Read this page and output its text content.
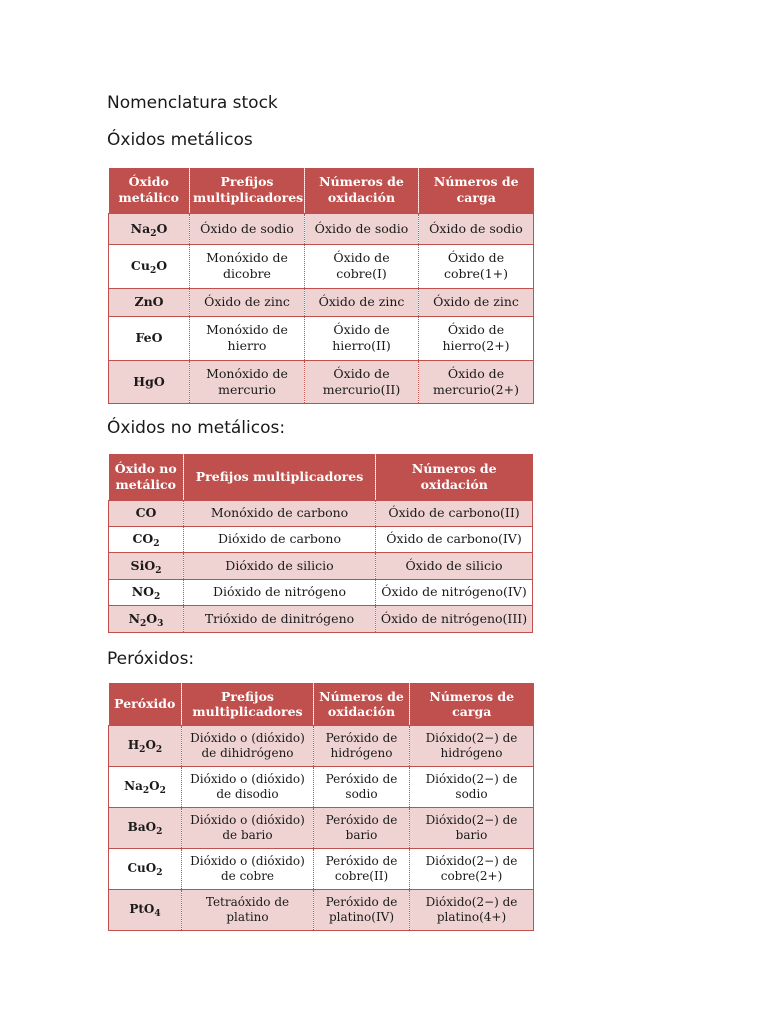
Nomenclatura stock
Óxidos metálicos
Óxido metálico	Prefijos multiplicadores	Números de oxidación	Números de carga
$Na_2O$	Óxido de sodio	Óxido de sodio	Óxido de sodio
$Cu_2O$	Monóxido de dicobre	Óxido de cobre(I)	Óxido de cobre(1+)
ZnO	Óxido de zinc	Óxido de zinc	Óxido de zinc
FeO	Monóxido de hierro	Óxido de hierro(II)	Óxido de hierro(2+)
HgO	Monóxido de mercurio	Óxido de mercurio(II)	Óxido de mercurio(2+)
Óxidos no metálicos:
Óxido no metálico	Prefijos multiplicadores	Números de oxidación
CO	Monóxido de carbono	Óxido de carbono(II)
$CO_2$	Dióxido de carbono	Óxido de carbono(IV)
SiO$_2$	Dióxido de silicio	Óxido de silicio
$NO_2$	Dióxido de nitrógeno	Óxido de nitrógeno(IV)
$N_2O_3$	Trióxido de dinitrógeno	Óxido de nitrógeno(III)
Peróxidos:
Peróxido	Prefijos multiplicadores	Números de oxidación	Números de carga
$H_2O_2$	Dióxido o (dióxido) de dihidrógeno	Peróxido de hidrógeno	Dióxido(2−) de hidrógeno
$Na_2O_2$	Dióxido o (dióxido) de disodio	Peróxido de sodio	Dióxido(2−) de sodio
BaO$_2$	Dióxido o (dióxido) de bario	Peróxido de bario	Dióxido(2−) de bario
CuO$_2$	Dióxido o (dióxido) de cobre	Peróxido de cobre(II)	Dióxido(2−) de cobre(2+)
PtO$_4$	Tetraóxido de platino	Peróxido de platino(IV)	Dióxido(2−) de platino(4+)
